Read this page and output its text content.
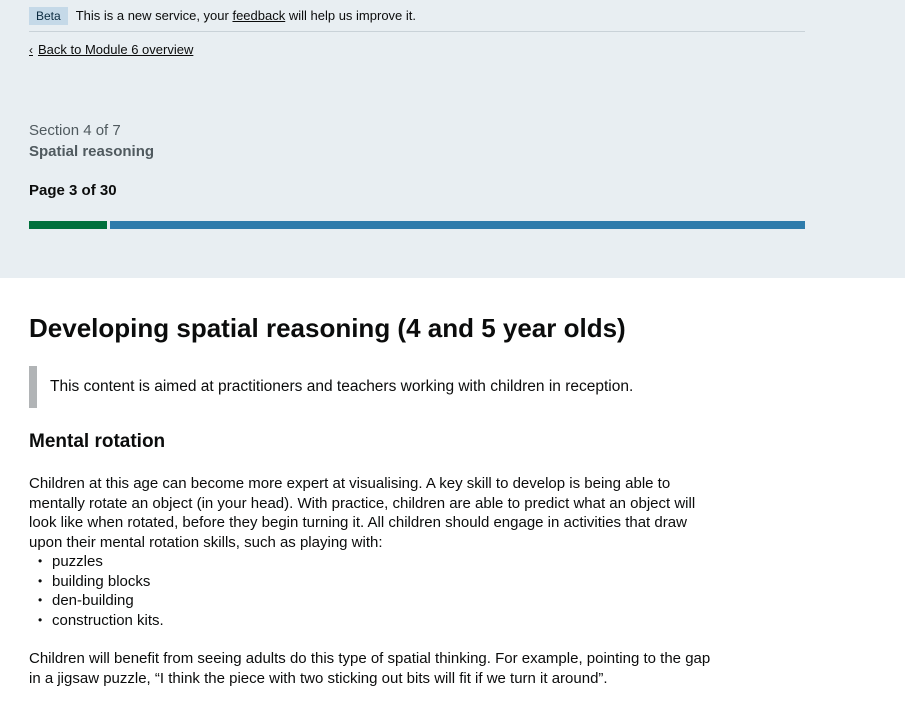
Beta	This is a new service, your feedback will help us improve it.
‹ Back to Module 6 overview
Section 4 of 7
Spatial reasoning
Page 3 of 30
Developing spatial reasoning (4 and 5 year olds)
This content is aimed at practitioners and teachers working with children in reception.
Mental rotation

Children at this age can become more expert at visualising. A key skill to develop is being able to mentally rotate an object (in your head). With practice, children are able to predict what an object will look like when rotated, before they begin turning it. All children should engage in activities that draw upon their mental rotation skills, such as playing with:

• puzzles
• building blocks
• den-building
• construction kits.

Children will benefit from seeing adults do this type of spatial thinking. For example, pointing to the gap in a jigsaw puzzle, “I think the piece with two sticking out bits will fit if we turn it around”.
